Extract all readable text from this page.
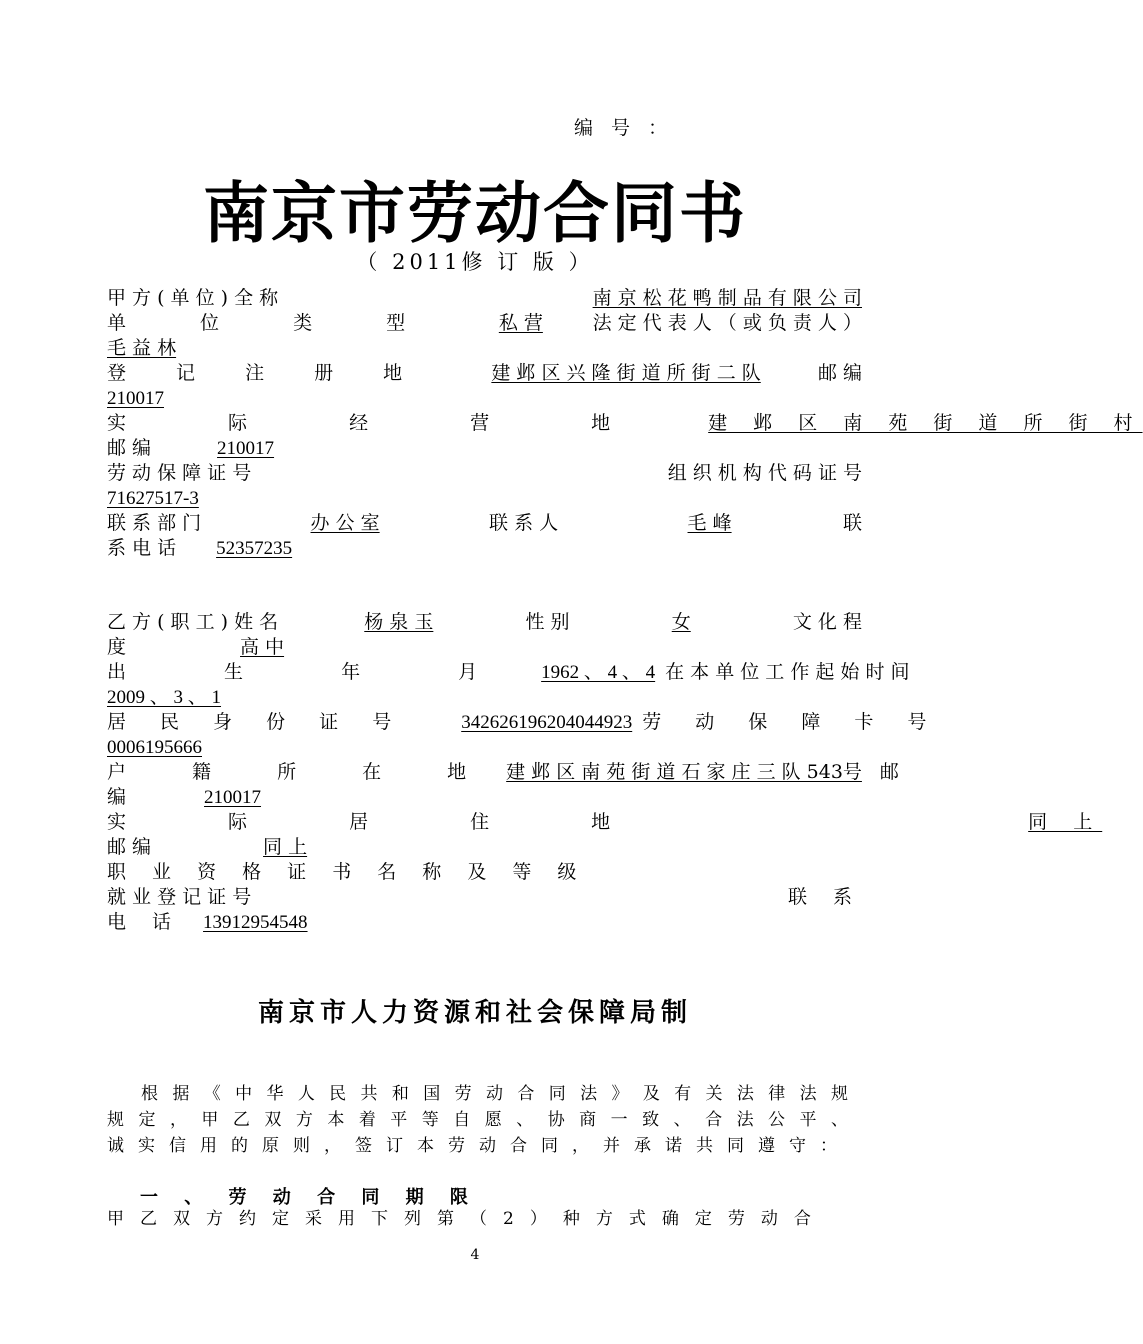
编 号 ：
南京市劳动合同书
（ 2011修 订 版 ）
甲 方 ( 单 位 ) 全 称	南 京 松 花 鸭 制 品 有 限 公 司
单 位 类 型	私 营	法 定 代 表 人 （ 或 负 责 人 ）
毛 益 林
登 记 注 册 地	建 邺 区 兴 隆 街 道 所 街 二 队	邮 编
210017
实 际 经 营 地	建 邺 区 南 苑 街 道 所 街 村
邮 编	210017
劳 动 保 障 证 号	组 织 机 构 代 码 证 号
71627517-3
联 系 部 门	办 公 室	联 系 人	毛 峰	联
系 电 话	52357235
乙 方 ( 职 工 ) 姓 名	杨 泉 玉	性 别	女	文 化 程
度	高 中
出 生 年 月 1962 、 4 、 4 在 本 单 位 工 作 起 始 时 间
2009 、 3 、 1
居 民 身 份 证 号	342626196204044923 劳 动 保 障 卡 号
0006195666
户 籍 所 在 地 建 邺 区 南 苑 街 道 石 家 庄 三 队 543号 邮
编	210017
实 际 居 住 地	同 上
邮 编	同 上
职 业 资 格 证 书 名 称 及 等 级
就 业 登 记 证 号	联 系
电 话	13912954548
南京市人力资源和社会保障局制
根据《中华人民共和国劳动合同法》及有关法律法规规定，甲乙双方本着平等自愿、协商一致、合法公平、诚实信用的原则，签订本劳动合同，并承诺共同遵守：
一 、 劳 动 合 同 期 限
甲乙双方约定采用下列第（2）种方式确定劳动合
4
